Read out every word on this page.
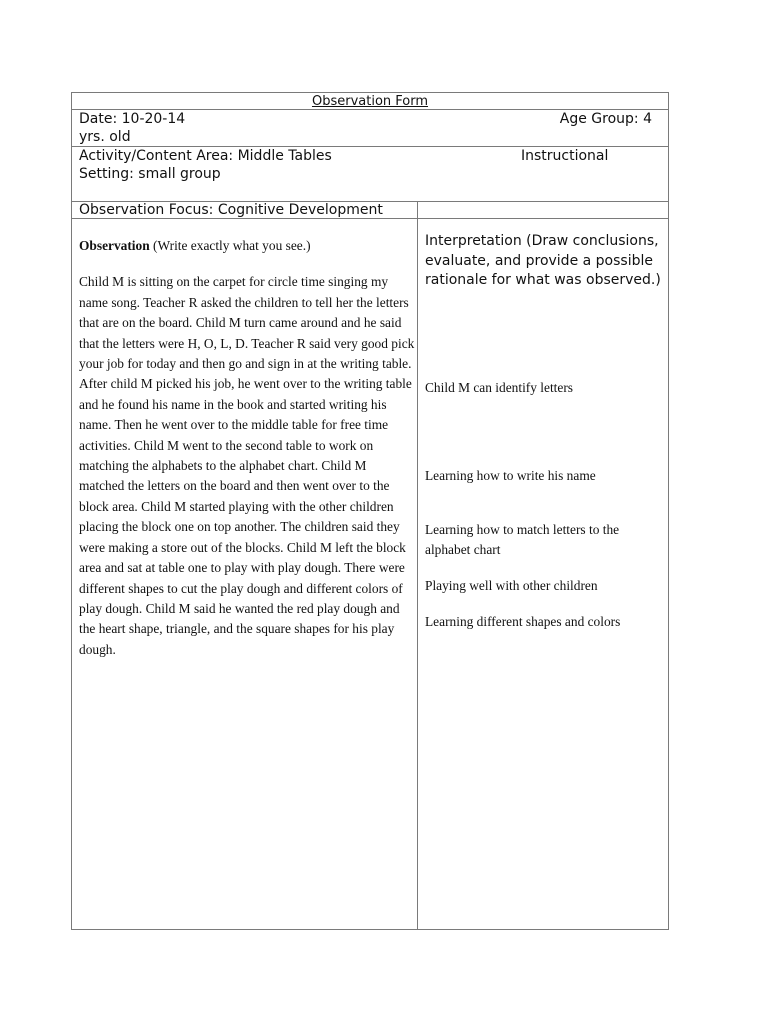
Observation Form
Date: 10-20-14	Age Group: 4
yrs. old
Activity/Content Area: Middle Tables	Instructional
Setting: small group
Observation Focus: Cognitive Development

Observation (Write exactly what you see.)

Child M is sitting on the carpet for circle time singing my name song. Teacher R asked the children to tell her the letters that are on the board. Child M turn came around and he said that the letters were H, O, L, D. Teacher R said very good pick your job for today and then go and sign in at the writing table. After child M picked his job, he went over to the writing table and he found his name in the book and started writing his name. Then he went over to the middle table for free time activities. Child M went to the second table to work on matching the alphabets to the alphabet chart. Child M matched the letters on the board and then went over to the block area. Child M started playing with the other children placing the block one on top another. The children said they were making a store out of the blocks. Child M left the block area and sat at table one to play with play dough. There were different shapes to cut the play dough and different colors of play dough. Child M said he wanted the red play dough and the heart shape, triangle, and the square shapes for his play dough.

Interpretation (Draw conclusions, evaluate, and provide a possible rationale for what was observed.)

Child M can identify letters

Learning how to write his name

Learning how to match letters to the alphabet chart

Playing well with other children

Learning different shapes and colors
